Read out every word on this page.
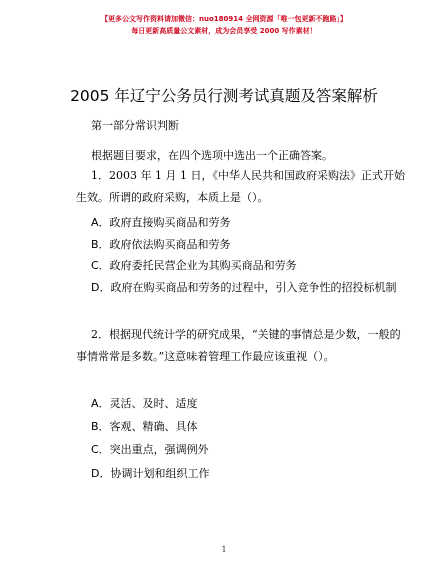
【更多公文写作资料请加微信：nuo180914 全网资源「唯一包更新不跑路」】
每日更新高质量公文素材，成为会员享受 2000 写作素材！
2005 年辽宁公务员行测考试真题及答案解析
第一部分常识判断
根据题目要求，在四个选项中选出一个正确答案。
1．2003 年 1 月 1 日，《中华人民共和国政府采购法》正式开始生效。所谓的政府采购，本质上是（）。
A．政府直接购买商品和劳务
B．政府依法购买商品和劳务
C．政府委托民营企业为其购买商品和劳务
D．政府在购买商品和劳务的过程中，引入竞争性的招投标机制
2．根据现代统计学的研究成果，“关键的事情总是少数，一般的事情常常是多数。”这意味着管理工作最应该重视（）。
A．灵活、及时、适度
B．客观、精确、具体
C．突出重点，强调例外
D．协调计划和组织工作
1
